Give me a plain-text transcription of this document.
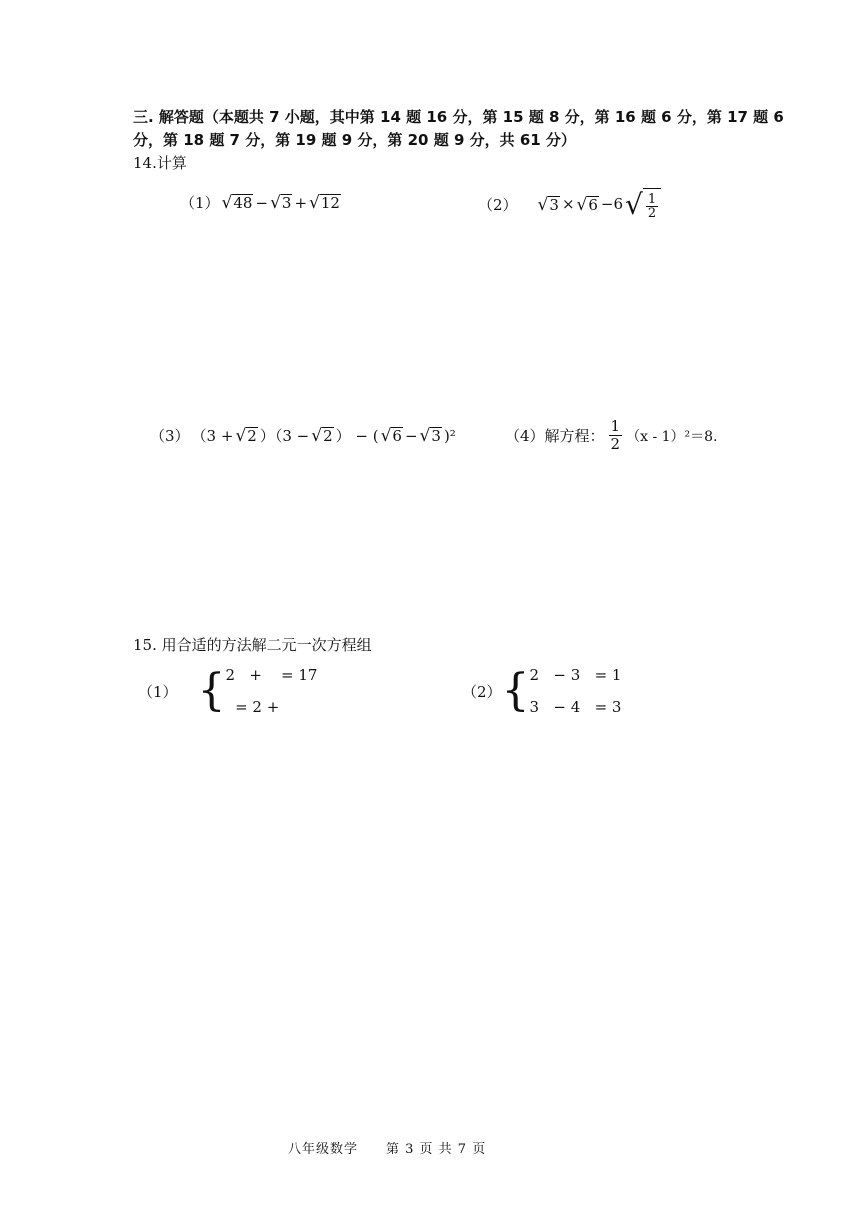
三. 解答题（本题共 7 小题，其中第 14 题 16 分，第 15 题 8 分，第 16 题 6 分，第 17 题 6
分，第 18 题 7 分，第 19 题 9 分，第 20 题 9 分，共 61 分）
14.计算
（1） √ 48 − √ 3 + √ 12	（2） √ 3 × √ 6 −6 √ $\frac{1}{2}$
（3） （3 + √ 2 ）（3 − √ 2 ） − ( √ 6 − √ 3 )²	（4）解方程： $\frac{1}{2} (x - 1)^2=8$.
15. 用合适的方法解二元一次方程组
（1） { 2   +    = 17
= 2 +
（2） { 2   − 3   = 1
3   − 4   = 3
八年级数学 第 3 页 共 7 页
